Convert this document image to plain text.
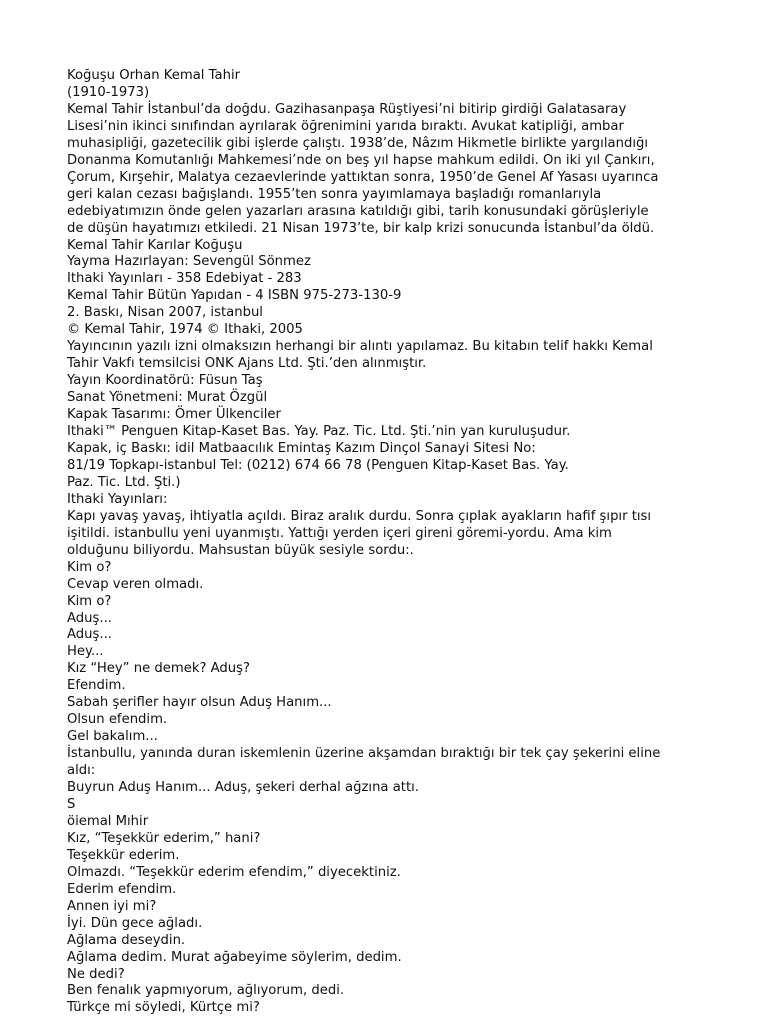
Koğuşu Orhan Kemal Tahir
(1910-1973)
Kemal Tahir İstanbul’da doğdu. Gazihasanpaşa Rüştiyesi’ni bitirip girdiği Galatasaray
Lisesi’nin ikinci sınıfından ayrılarak öğrenimini yarıda bıraktı. Avukat katipliği, ambar
muhasipliği, gazetecilik gibi işlerde çalıştı. 1938’de, Nâzım Hikmetle birlikte yargılandığı
Donanma Komutanlığı Mahkemesi’nde on beş yıl hapse mahkum edildi. On iki yıl Çankırı,
Çorum, Kırşehir, Malatya cezaevlerinde yattıktan sonra, 1950’de Genel Af Yasası uyarınca
geri kalan cezası bağışlandı. 1955’ten sonra yayımlamaya başladığı romanlarıyla
edebiyatımızın önde gelen yazarları arasına katıldığı gibi, tarih konusundaki görüşleriyle
de düşün hayatımızı etkiledi. 21 Nisan 1973’te, bir kalp krizi sonucunda İstanbul’da öldü.
Kemal Tahir Karılar Koğuşu
Yayma Hazırlayan: Sevengül Sönmez
Ithaki Yayınları - 358 Edebiyat - 283
Kemal Tahir Bütün Yapıdan - 4 ISBN 975-273-130-9
2. Baskı, Nisan 2007, istanbul
© Kemal Tahir, 1974 © Ithaki, 2005
Yayıncının yazılı izni olmaksızın herhangi bir alıntı yapılamaz. Bu kitabın telif hakkı Kemal
Tahir Vakfı temsilcisi ONK Ajans Ltd. Şti.’den alınmıştır.
Yayın Koordinatörü: Füsun Taş
Sanat Yönetmeni: Murat Özgül
Kapak Tasarımı: Ömer Ülkenciler
Ithaki™ Penguen Kitap-Kaset Bas. Yay. Paz. Tic. Ltd. Şti.’nin yan kuruluşudur.
Kapak, iç Baskı: idil Matbaacılık Emintaş Kazım Dinçol Sanayi Sitesi No:
81/19 Topkapı-istanbul Tel: (0212) 674 66 78 (Penguen Kitap-Kaset Bas. Yay.
Paz. Tic. Ltd. Şti.)
Ithaki Yayınları:
Kapı yavaş yavaş, ihtiyatla açıldı. Biraz aralık durdu. Sonra çıplak ayakların hafif şıpır tısı
işitildi. istanbullu yeni uyanmıştı. Yattığı yerden içeri gireni göremi-yordu. Ama kim
olduğunu biliyordu. Mahsustan büyük sesiyle sordu:.
Kim o?
Cevap veren olmadı.
Kim o?
Aduş...
Aduş...
Hey...
Kız “Hey” ne demek? Aduş?
Efendim.
Sabah şerifler hayır olsun Aduş Hanım...
Olsun efendim.
Gel bakalım...
İstanbullu, yanında duran iskemlenin üzerine akşamdan bıraktığı bir tek çay şekerini eline
aldı:
Buyrun Aduş Hanım... Aduş, şekeri derhal ağzına attı.
S
öiemal Mıhir
Kız, “Teşekkür ederim,” hani?
Teşekkür ederim.
Olmazdı. “Teşekkür ederim efendim,” diyecektiniz.
Ederim efendim.
Annen iyi mi?
İyi. Dün gece ağladı.
Ağlama deseydin.
Ağlama dedim. Murat ağabeyime söylerim, dedim.
Ne dedi?
Ben fenalık yapmıyorum, ağlıyorum, dedi.
Türkçe mi söyledi, Kürtçe mi?
